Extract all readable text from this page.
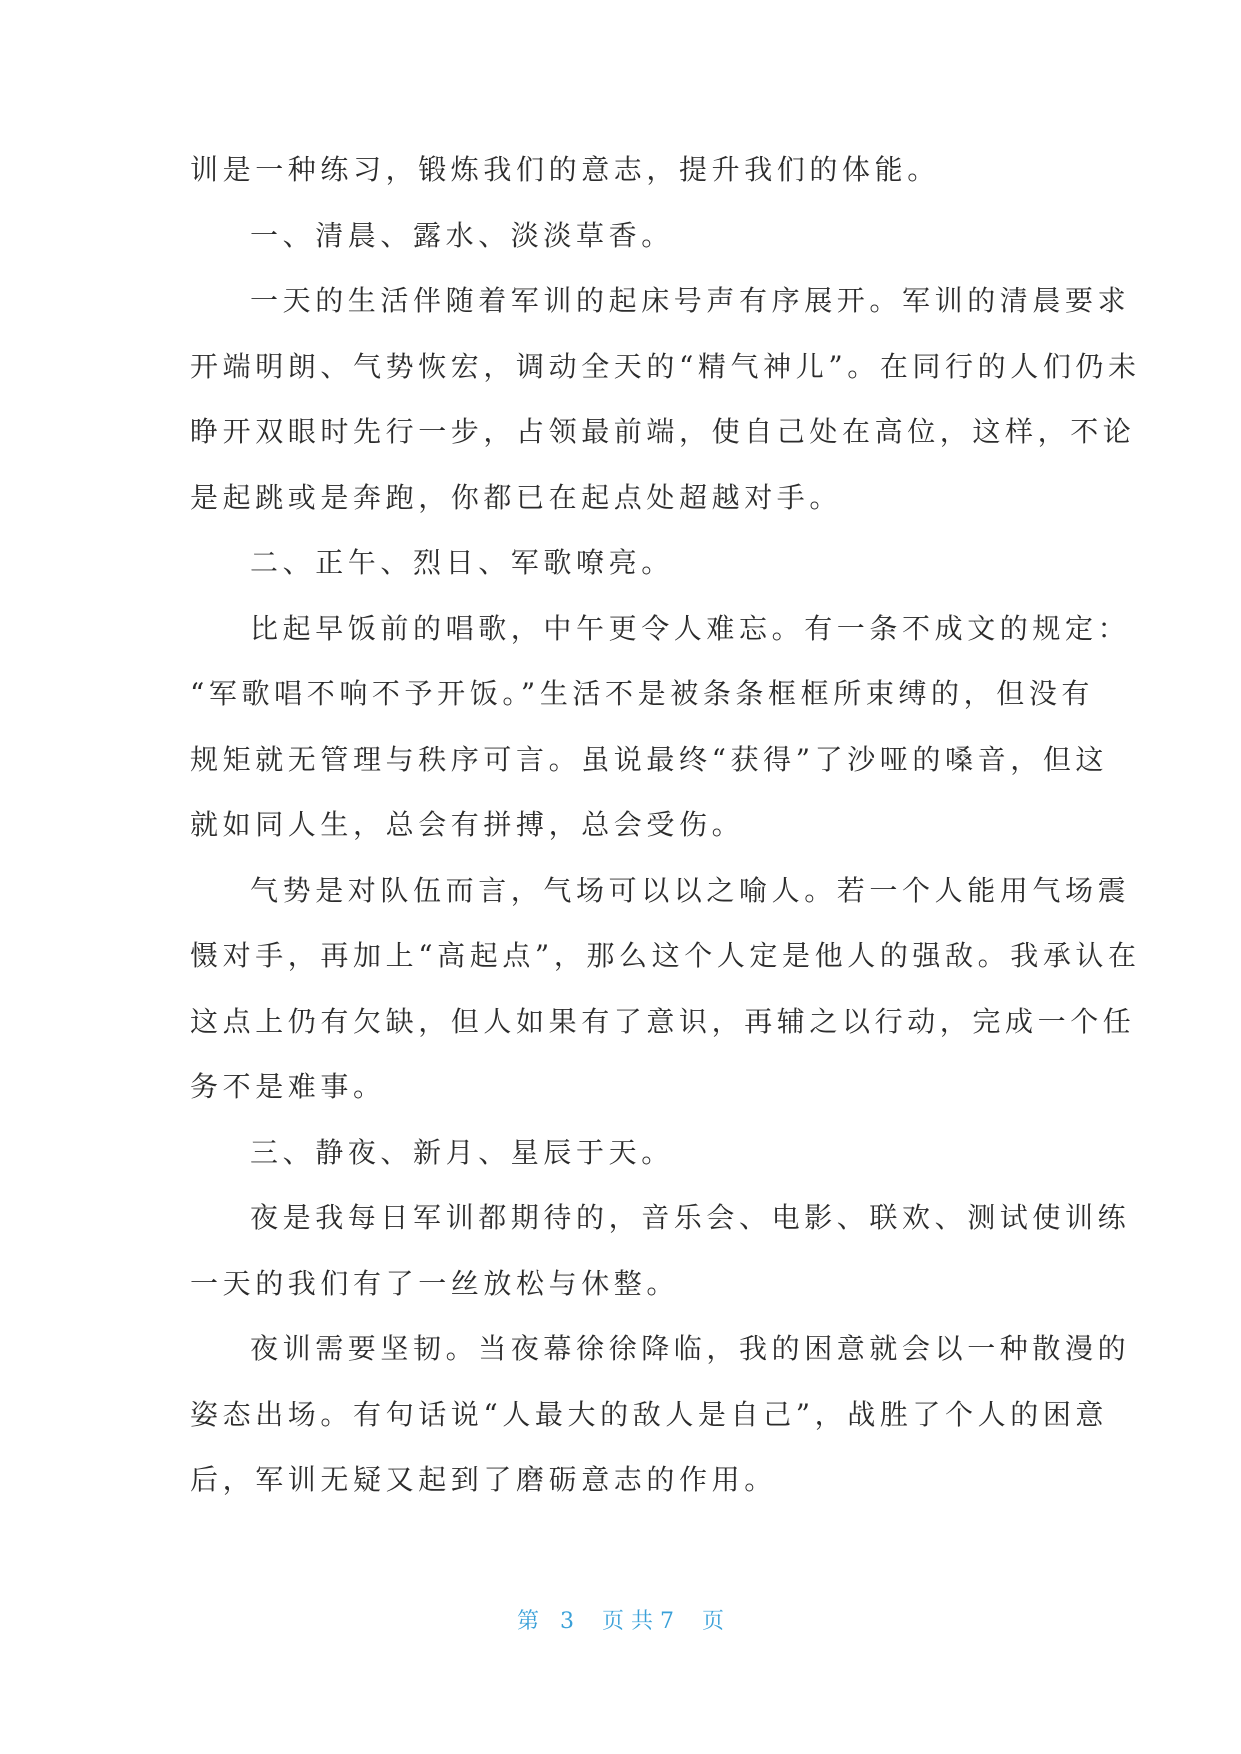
训是一种练习，锻炼我们的意志，提升我们的体能。
一、清晨、露水、淡淡草香。
一天的生活伴随着军训的起床号声有序展开。军训的清晨要求
开端明朗、气势恢宏，调动全天的“精气神儿”。在同行的人们仍未
睁开双眼时先行一步，占领最前端，使自己处在高位，这样，不论
是起跳或是奔跑，你都已在起点处超越对手。
二、正午、烈日、军歌嘹亮。
比起早饭前的唱歌，中午更令人难忘。有一条不成文的规定：
“军歌唱不响不予开饭。”生活不是被条条框框所束缚的，但没有
规矩就无管理与秩序可言。虽说最终“获得”了沙哑的嗓音，但这
就如同人生，总会有拼搏，总会受伤。
气势是对队伍而言，气场可以以之喻人。若一个人能用气场震
慑对手，再加上“高起点”，那么这个人定是他人的强敌。我承认在
这点上仍有欠缺，但人如果有了意识，再辅之以行动，完成一个任
务不是难事。
三、静夜、新月、星辰于天。
夜是我每日军训都期待的，音乐会、电影、联欢、测试使训练
一天的我们有了一丝放松与休整。
夜训需要坚韧。当夜幕徐徐降临，我的困意就会以一种散漫的
姿态出场。有句话说“人最大的敌人是自己”，战胜了个人的困意
后，军训无疑又起到了磨砺意志的作用。
第 3 页 共 7 页
